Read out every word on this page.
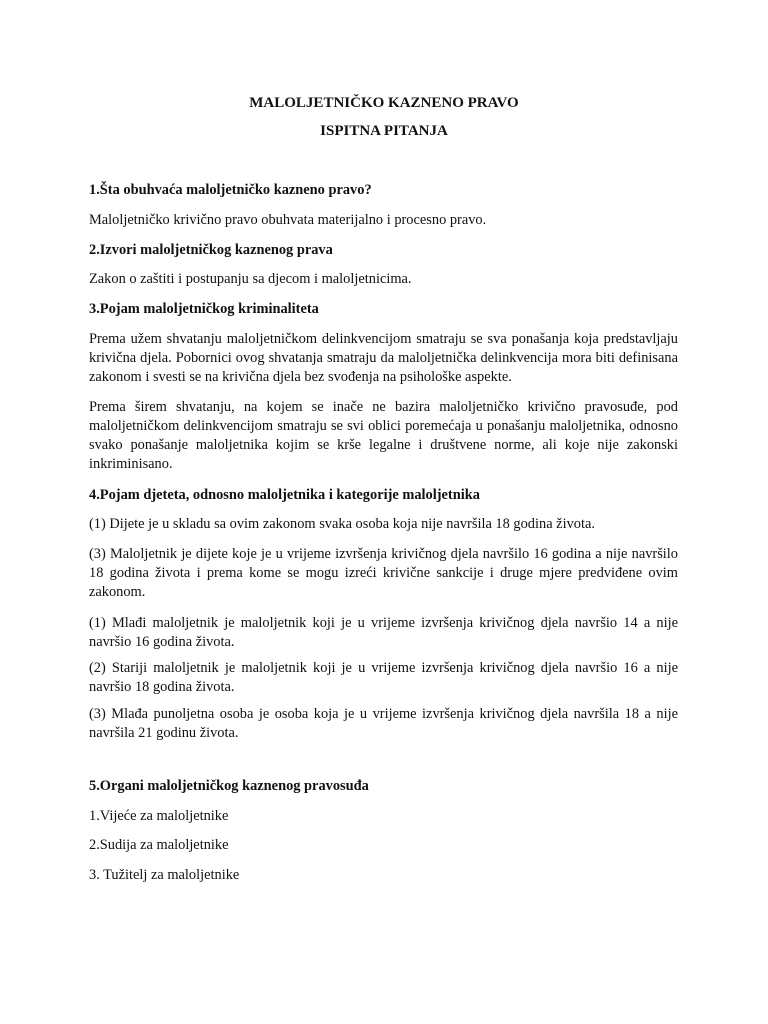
MALOLJETNIČKO KAZNENO PRAVO
ISPITNA PITANJA

1.Šta obuhvaća maloljetničko kazneno pravo?

Maloljetničko krivično pravo obuhvata materijalno i procesno pravo.

2.Izvori maloljetničkog kaznenog prava

Zakon o zaštiti i postupanju sa djecom i maloljetnicima.

3.Pojam maloljetničkog kriminaliteta

Prema užem shvatanju maloljetničkom delinkvencijom smatraju se sva ponašanja koja predstavljaju krivična djela. Pobornici ovog shvatanja smatraju da maloljetnička delinkvencija mora biti definisana zakonom i svesti se na krivična djela bez svođenja na psihološke aspekte.

Prema širem shvatanju, na kojem se inače ne bazira maloljetničko krivično pravosuđe, pod maloljetničkom delinkvencijom smatraju se svi oblici poremećaja u ponašanju maloljetnika, odnosno svako ponašanje maloljetnika kojim se krše legalne i društvene norme, ali koje nije zakonski inkriminisano.

4.Pojam djeteta, odnosno maloljetnika i kategorije maloljetnika

(1) Dijete je u skladu sa ovim zakonom svaka osoba koja nije navršila 18 godina života.

(3) Maloljetnik je dijete koje je u vrijeme izvršenja krivičnog djela navršilo 16 godina a nije navršilo 18 godina života i prema kome se mogu izreći krivične sankcije i druge mjere predviđene ovim zakonom.

(1) Mlađi maloljetnik je maloljetnik koji je u vrijeme izvršenja krivičnog djela navršio 14 a nije navršio 16 godina života.

(2) Stariji maloljetnik je maloljetnik koji je u vrijeme izvršenja krivičnog djela navršio 16 a nije navršio 18 godina života.

(3) Mlađa punoljetna osoba je osoba koja je u vrijeme izvršenja krivičnog djela navršila 18 a nije navršila 21 godinu života.

5.Organi maloljetničkog kaznenog pravosuđa

1.Vijeće za maloljetnike

2.Sudija za maloljetnike

3. Tužitelj za maloljetnike
